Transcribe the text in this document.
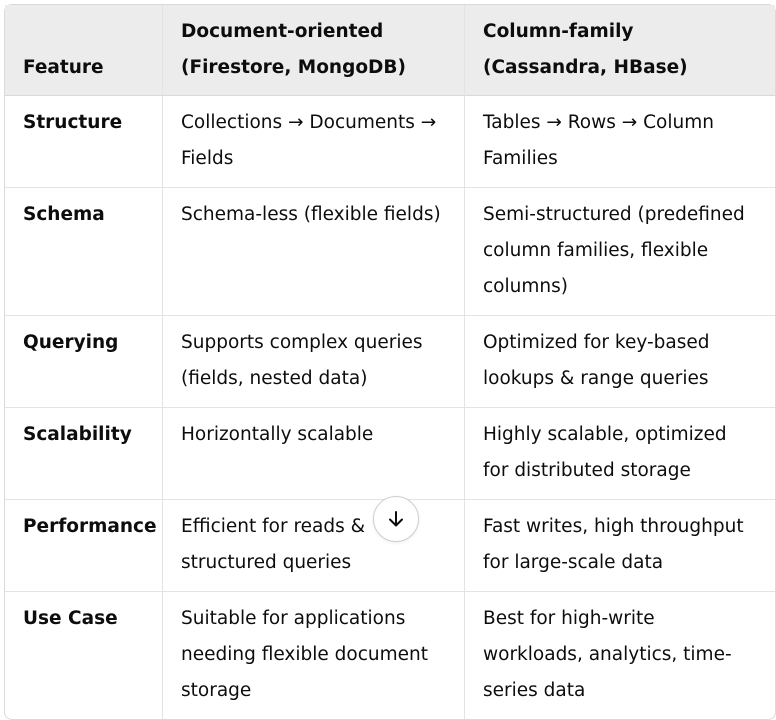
Feature	Document-oriented (Firestore, MongoDB)	Column-family (Cassandra, HBase)
Structure	Collections → Documents → Fields	Tables → Rows → Column Families
Schema	Schema-less (flexible fields)	Semi-structured (predefined column families, flexible columns)
Querying	Supports complex queries (fields, nested data)	Optimized for key-based lookups & range queries
Scalability	Horizontally scalable	Highly scalable, optimized for distributed storage
Performance	Efficient for reads & structured queries	Fast writes, high throughput for large-scale data
Use Case	Suitable for applications needing flexible document storage	Best for high-write workloads, analytics, time-series data
